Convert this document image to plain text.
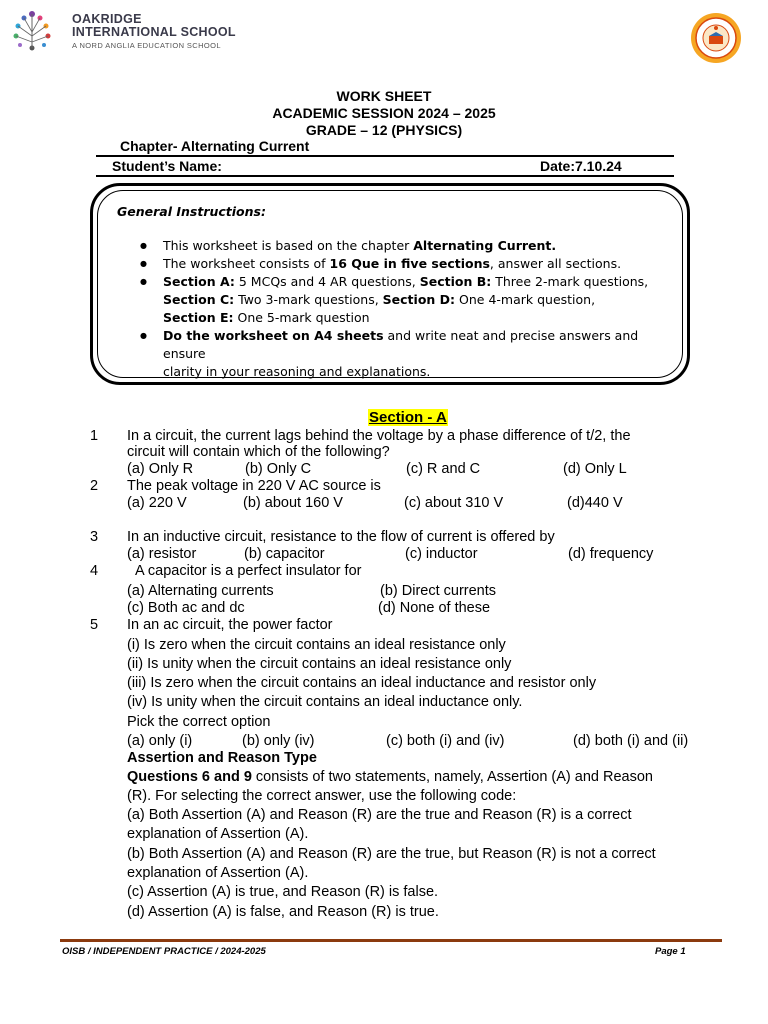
OAKRIDGE
INTERNATIONAL SCHOOL
A NORD ANGLIA EDUCATION SCHOOL
WORK SHEET
ACADEMIC SESSION 2024 – 2025
GRADE – 12 (PHYSICS)
Chapter- Alternating Current
Student’s Name:	Date:7.10.24
General Instructions:
● This worksheet is based on the chapter Alternating Current.
● The worksheet consists of 16 Que in five sections, answer all sections.
● Section A: 5 MCQs and 4 AR questions, Section B: Three 2-mark questions,
Section C: Two 3-mark questions, Section D: One 4-mark question,
Section E: One 5-mark question
● Do the worksheet on A4 sheets and write neat and precise answers and ensure
clarity in your reasoning and explanations.
Section - A
1 In a circuit, the current lags behind the voltage by a phase difference of t/2, the
circuit will contain which of the following?
(a) Only R	(b) Only C	(c) R and C	(d) Only L
2 The peak voltage in 220 V AC source is
(a) 220 V	(b) about 160 V	(c) about 310 V	(d)440 V
3 In an inductive circuit, resistance to the flow of current is offered by
(a) resistor	(b) capacitor	(c) inductor	(d) frequency
4	A capacitor is a perfect insulator for
(a) Alternating currents	(b) Direct currents
(c) Both ac and dc	(d) None of these
5 In an ac circuit, the power factor
(i) Is zero when the circuit contains an ideal resistance only
(ii) Is unity when the circuit contains an ideal resistance only
(iii) Is zero when the circuit contains an ideal inductance and resistor only
(iv) Is unity when the circuit contains an ideal inductance only.
Pick the correct option
(a) only (i)	(b) only (iv)	(c) both (i) and (iv)	(d) both (i) and (ii)
Assertion and Reason Type
Questions 6 and 9 consists of two statements, namely, Assertion (A) and Reason
(R). For selecting the correct answer, use the following code:
(a) Both Assertion (A) and Reason (R) are the true and Reason (R) is a correct
explanation of Assertion (A).
(b) Both Assertion (A) and Reason (R) are the true, but Reason (R) is not a correct
explanation of Assertion (A).
(c) Assertion (A) is true, and Reason (R) is false.
(d) Assertion (A) is false, and Reason (R) is true.
OISB / INDEPENDENT PRACTICE / 2024-2025	Page 1
